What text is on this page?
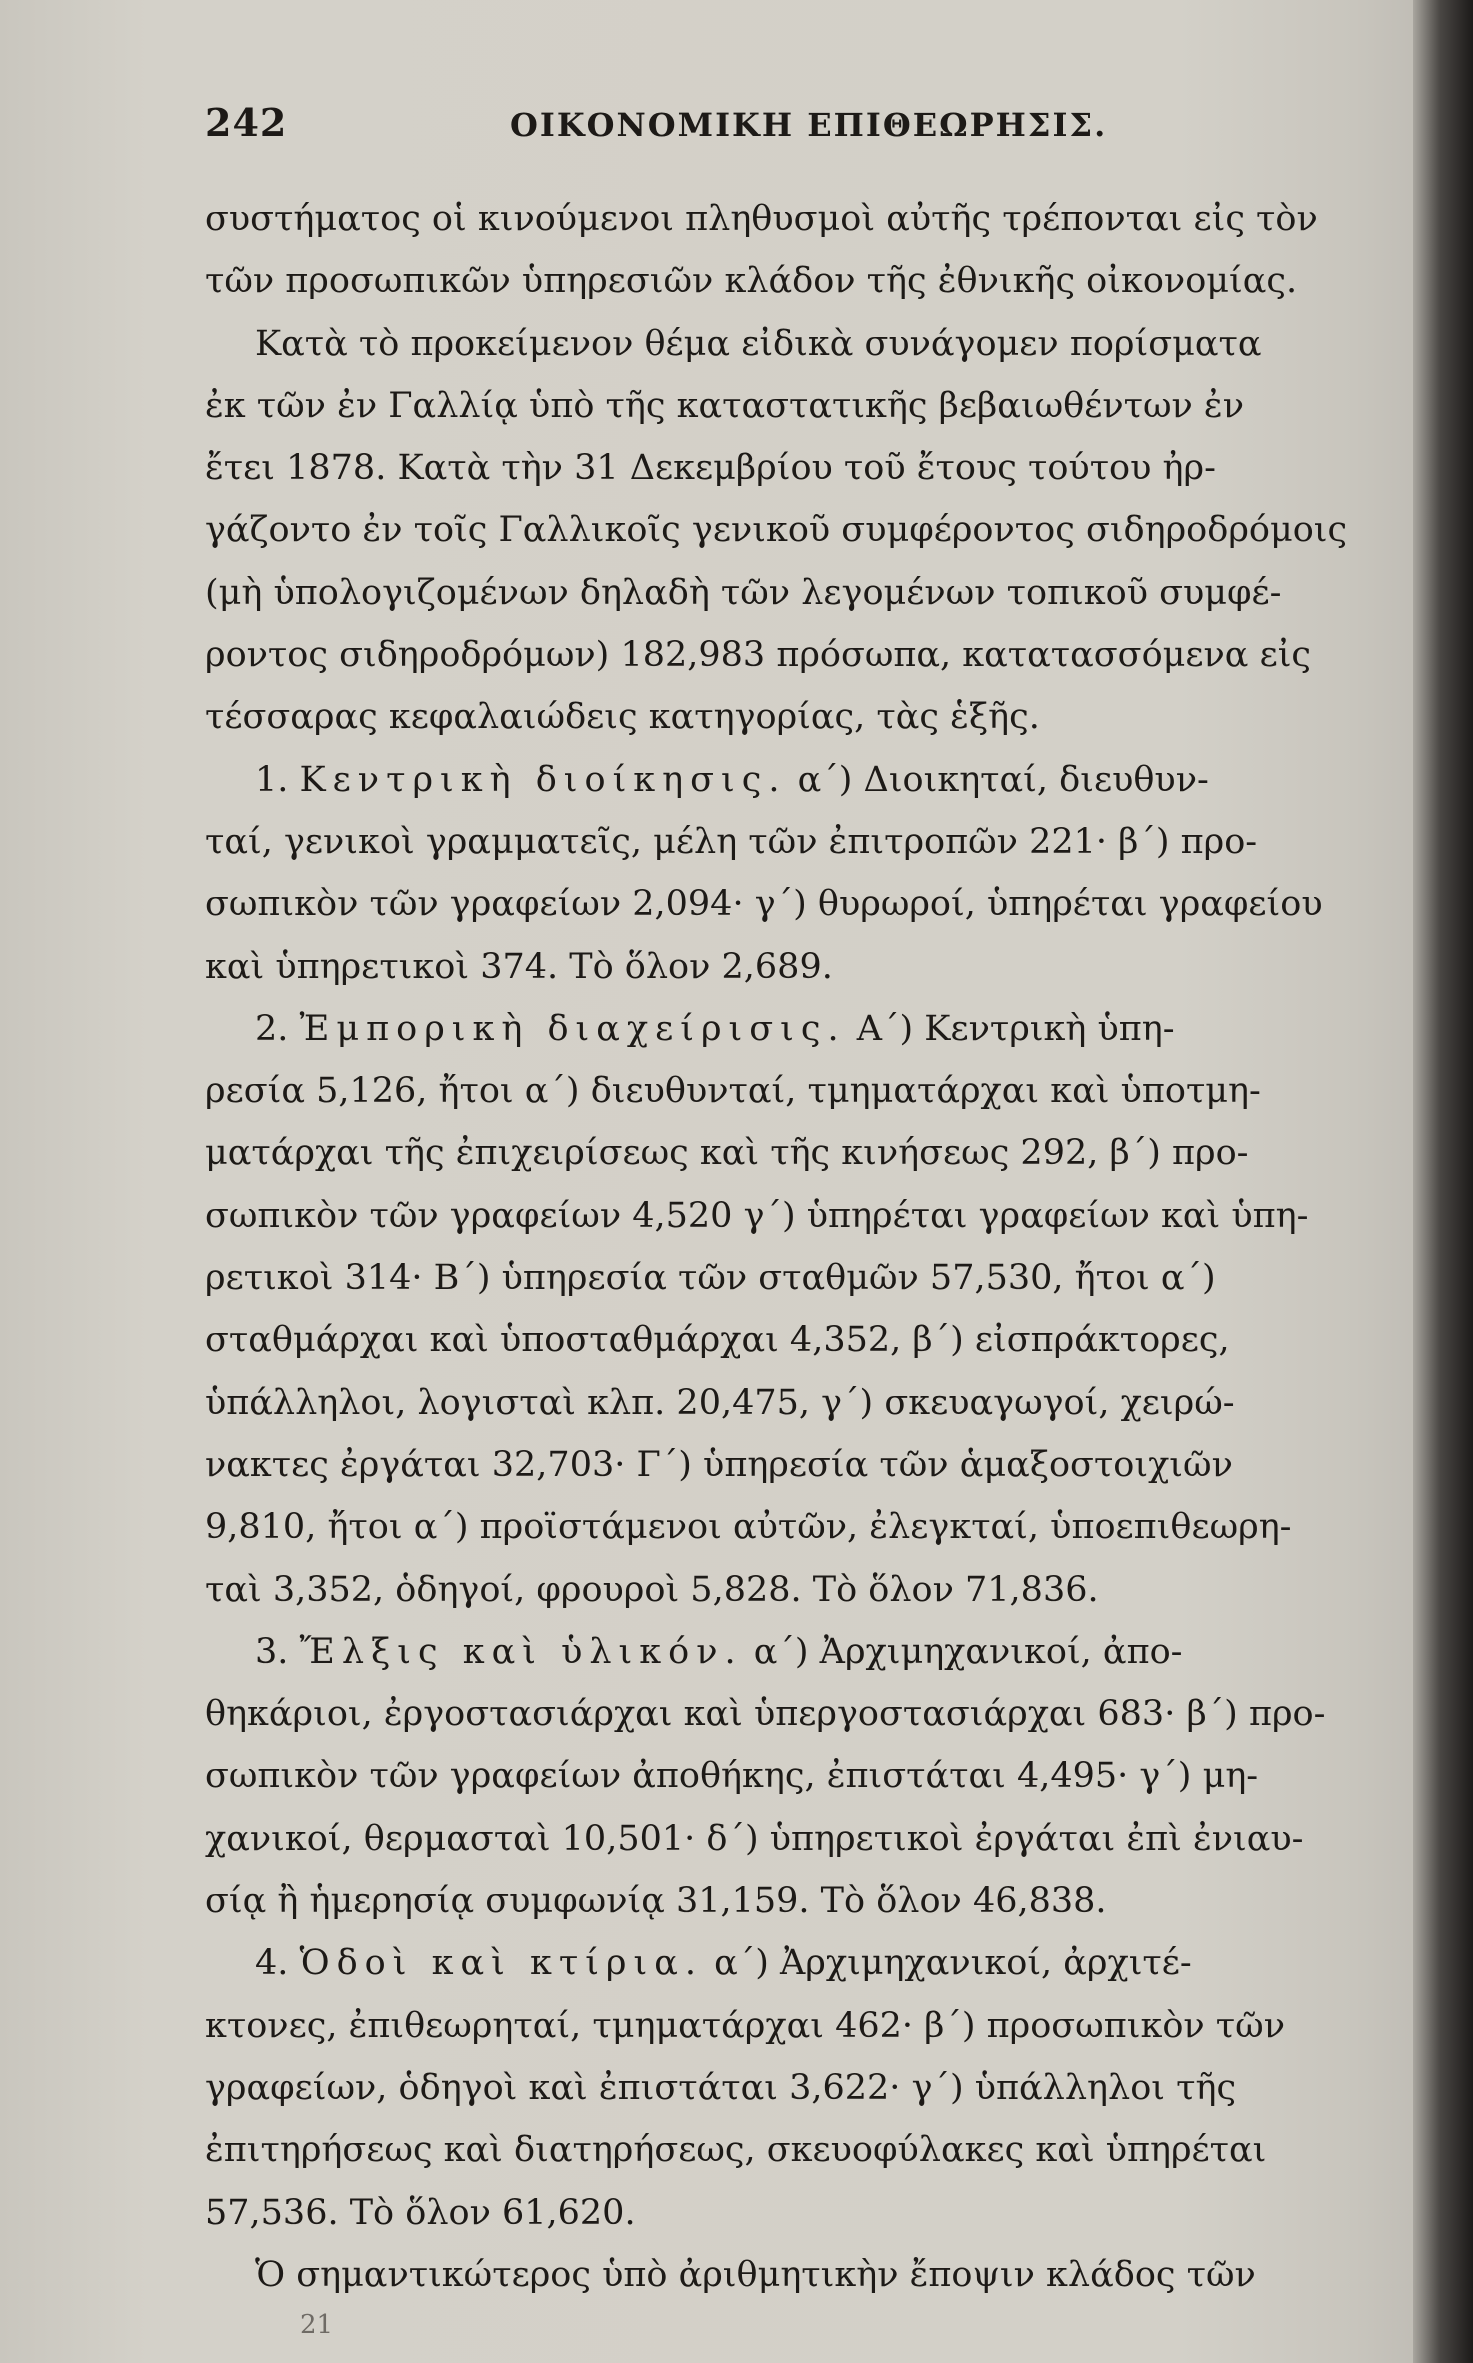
242	ΟΙΚΟΝΟΜΙΚΗ ΕΠΙΘΕΩΡΗΣΙΣ.
συστήματος οἱ κινούμενοι πληθυσμοὶ αὐτῆς τρέπονται εἰς τὸν
τῶν προσωπικῶν ὑπηρεσιῶν κλάδον τῆς ἐθνικῆς οἰκονομίας.
Κατὰ τὸ προκείμενον θέμα εἰδικὰ συνάγομεν πορίσματα
ἐκ τῶν ἐν Γαλλίᾳ ὑπὸ τῆς καταστατικῆς βεβαιωθέντων ἐν
ἔτει 1878. Κατὰ τὴν 31 Δεκεμβρίου τοῦ ἔτους τούτου ἠρ-
γάζοντο ἐν τοῖς Γαλλικοῖς γενικοῦ συμφέροντος σιδηροδρόμοις
(μὴ ὑπολογιζομένων δηλαδὴ τῶν λεγομένων τοπικοῦ συμφέ-
ροντος σιδηροδρόμων) 182,983 πρόσωπα, κατατασσόμενα εἰς
τέσσαρας κεφαλαιώδεις κατηγορίας, τὰς ἑξῆς.
1. Κεντρικὴ διοίκησις. α΄) Διοικηταί, διευθυν-
ταί, γενικοὶ γραμματεῖς, μέλη τῶν ἐπιτροπῶν 221· β΄) προ-
σωπικὸν τῶν γραφείων 2,094· γ΄) θυρωροί, ὑπηρέται γραφείου
καὶ ὑπηρετικοὶ 374. Τὸ ὅλον 2,689.
2. Ἐμπορικὴ διαχείρισις. Α΄) Κεντρικὴ ὑπη-
ρεσία 5,126, ἤτοι α΄) διευθυνταί, τμηματάρχαι καὶ ὑποτμη-
ματάρχαι τῆς ἐπιχειρίσεως καὶ τῆς κινήσεως 292, β΄) προ-
σωπικὸν τῶν γραφείων 4,520 γ΄) ὑπηρέται γραφείων καὶ ὑπη-
ρετικοὶ 314· Β΄) ὑπηρεσία τῶν σταθμῶν 57,530, ἤτοι α΄)
σταθμάρχαι καὶ ὑποσταθμάρχαι 4,352, β΄) εἰσπράκτορες,
ὑπάλληλοι, λογισταὶ κλπ. 20,475, γ΄) σκευαγωγοί, χειρώ-
νακτες ἐργάται 32,703· Γ΄) ὑπηρεσία τῶν ἁμαξοστοιχιῶν
9,810, ἤτοι α΄) προϊστάμενοι αὐτῶν, ἐλεγκταί, ὑποεπιθεωρη-
ταὶ 3,352, ὁδηγοί, φρουροὶ 5,828. Τὸ ὅλον 71,836.
3. Ἔλξις καὶ ὑλικόν. α΄) Ἀρχιμηχανικοί, ἀπο-
θηκάριοι, ἐργοστασιάρχαι καὶ ὑπεργοστασιάρχαι 683· β΄) προ-
σωπικὸν τῶν γραφείων ἀποθήκης, ἐπιστάται 4,495· γ΄) μη-
χανικοί, θερμασταὶ 10,501· δ΄) ὑπηρετικοὶ ἐργάται ἐπὶ ἐνιαυ-
σίᾳ ἢ ἡμερησίᾳ συμφωνίᾳ 31,159. Τὸ ὅλον 46,838.
4. Ὁδοὶ καὶ κτίρια. α΄) Ἀρχιμηχανικοί, ἀρχιτέ-
κτονες, ἐπιθεωρηταί, τμηματάρχαι 462· β΄) προσωπικὸν τῶν
γραφείων, ὁδηγοὶ καὶ ἐπιστάται 3,622· γ΄) ὑπάλληλοι τῆς
ἐπιτηρήσεως καὶ διατηρήσεως, σκευοφύλακες καὶ ὑπηρέται
57,536. Τὸ ὅλον 61,620.
Ὁ σημαντικώτερος ὑπὸ ἀριθμητικὴν ἔποψιν κλάδος τῶν
21
